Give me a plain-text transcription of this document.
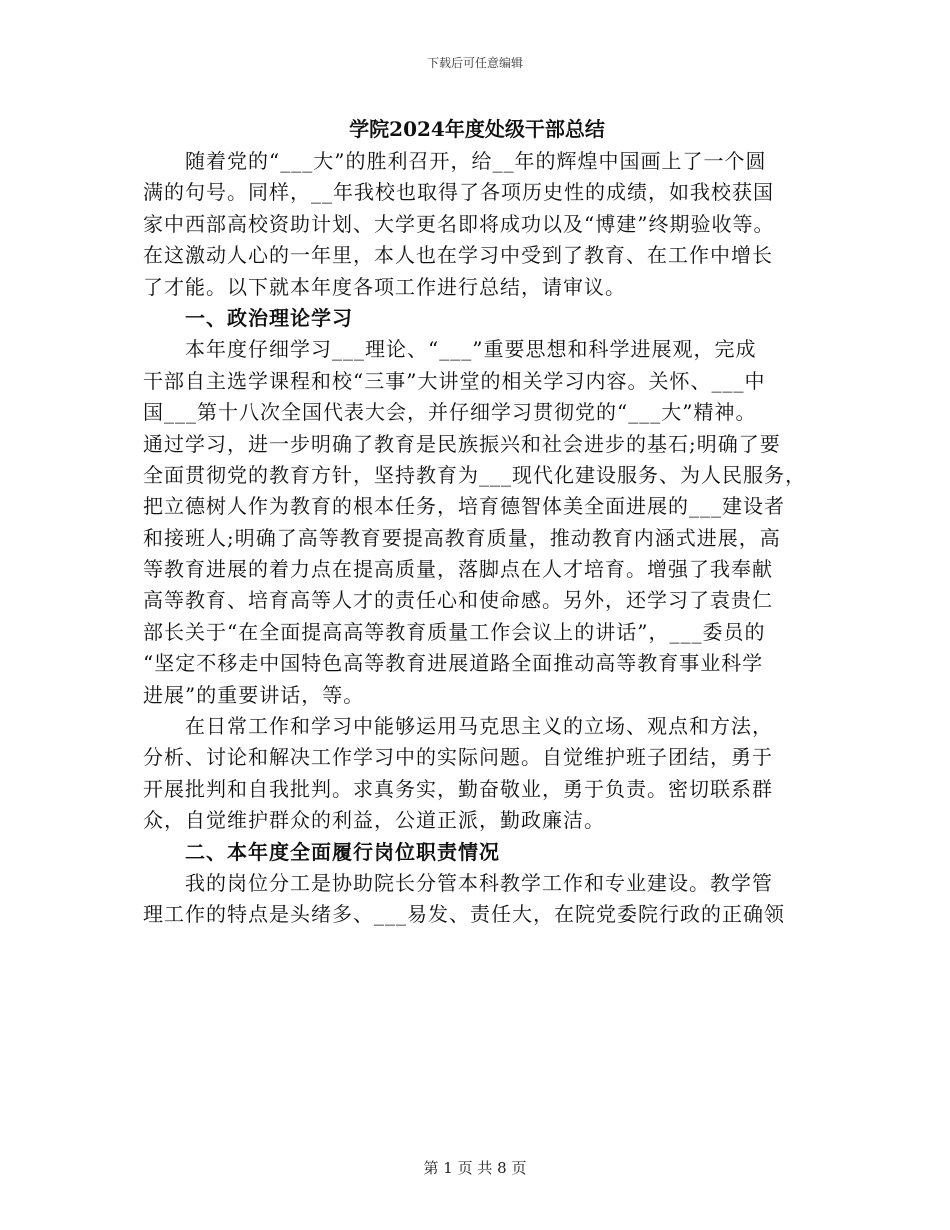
下载后可任意编辑
学院2024年度处级干部总结

随着党的“___大”的胜利召开，给__年的辉煌中国画上了一个圆
满的句号。同样，__年我校也取得了各项历史性的成绩，如我校获国
家中西部高校资助计划、大学更名即将成功以及“博建”终期验收等。
在这激动人心的一年里，本人也在学习中受到了教育、在工作中增长
了才能。以下就本年度各项工作进行总结，请审议。

一、政治理论学习

本年度仔细学习___理论、“___”重要思想和科学进展观，完成
干部自主选学课程和校“三事”大讲堂的相关学习内容。关怀、___中
国___第十八次全国代表大会，并仔细学习贯彻党的“___大”精神。
通过学习，进一步明确了教育是民族振兴和社会进步的基石;明确了要
全面贯彻党的教育方针，坚持教育为___现代化建设服务、为人民服务，
把立德树人作为教育的根本任务，培育德智体美全面进展的___建设者
和接班人;明确了高等教育要提高教育质量，推动教育内涵式进展，高
等教育进展的着力点在提高质量，落脚点在人才培育。增强了我奉献
高等教育、培育高等人才的责任心和使命感。另外，还学习了袁贵仁
部长关于“在全面提高高等教育质量工作会议上的讲话”，___委员的
“坚定不移走中国特色高等教育进展道路全面推动高等教育事业科学
进展”的重要讲话，等。

在日常工作和学习中能够运用马克思主义的立场、观点和方法，
分析、讨论和解决工作学习中的实际问题。自觉维护班子团结，勇于
开展批判和自我批判。求真务实，勤奋敬业，勇于负责。密切联系群
众，自觉维护群众的利益，公道正派，勤政廉洁。

二、本年度全面履行岗位职责情况

我的岗位分工是协助院长分管本科教学工作和专业建设。教学管
理工作的特点是头绪多、___易发、责任大，在院党委院行政的正确领

第 1 页 共 8 页
